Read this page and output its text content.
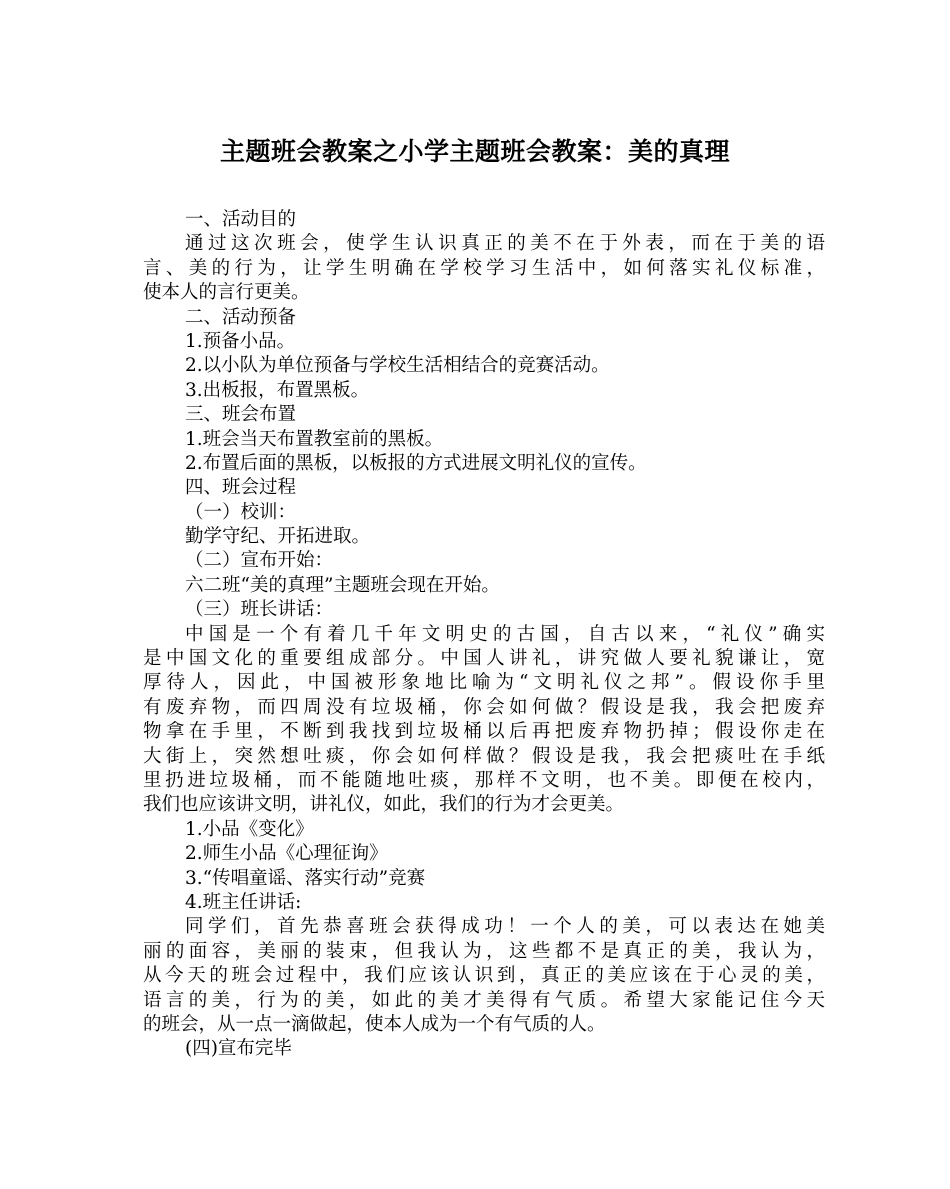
主题班会教案之小学主题班会教案：美的真理
一、活动目的
通过这次班会，使学生认识真正的美不在于外表，而在于美的语
言、美的行为，让学生明确在学校学习生活中，如何落实礼仪标准，
使本人的言行更美。
二、活动预备
1.预备小品。
2.以小队为单位预备与学校生活相结合的竞赛活动。
3.出板报，布置黑板。
三、班会布置
1.班会当天布置教室前的黑板。
2.布置后面的黑板，以板报的方式进展文明礼仪的宣传。
四、班会过程
（一）校训：
勤学守纪、开拓进取。
（二）宣布开始：
六二班“美的真理”主题班会现在开始。
（三）班长讲话：
中国是一个有着几千年文明史的古国，自古以来，“礼仪”确实
是中国文化的重要组成部分。中国人讲礼，讲究做人要礼貌谦让，宽
厚待人，因此，中国被形象地比喻为“文明礼仪之邦”。假设你手里
有废弃物，而四周没有垃圾桶，你会如何做？假设是我，我会把废弃
物拿在手里，不断到我找到垃圾桶以后再把废弃物扔掉；假设你走在
大街上，突然想吐痰，你会如何样做？假设是我，我会把痰吐在手纸
里扔进垃圾桶，而不能随地吐痰，那样不文明，也不美。即便在校内，
我们也应该讲文明，讲礼仪，如此，我们的行为才会更美。
1.小品《变化》
2.师生小品《心理征询》
3.“传唱童谣、落实行动”竞赛
4.班主任讲话:
同学们，首先恭喜班会获得成功！一个人的美，可以表达在她美
丽的面容，美丽的装束，但我认为，这些都不是真正的美，我认为，
从今天的班会过程中，我们应该认识到，真正的美应该在于心灵的美，
语言的美，行为的美，如此的美才美得有气质。希望大家能记住今天
的班会，从一点一滴做起，使本人成为一个有气质的人。
(四)宣布完毕
